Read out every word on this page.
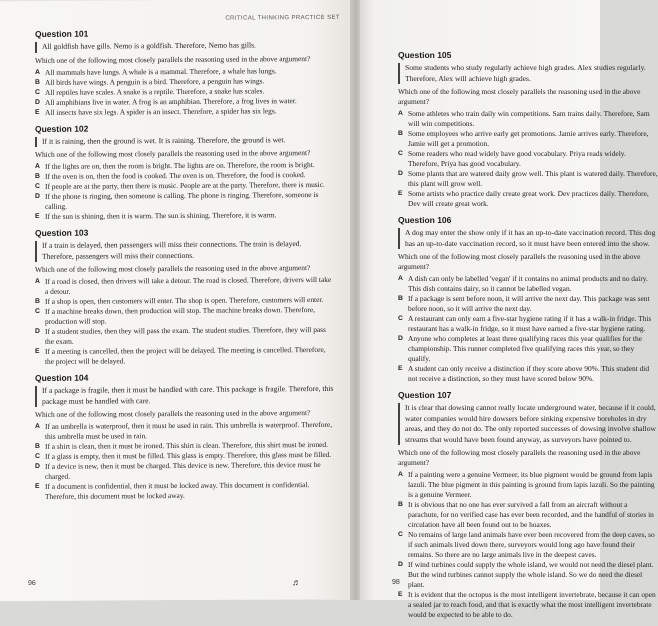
CRITICAL THINKING PRACTICE SET
Question 101
All goldfish have gills. Nemo is a goldfish. Therefore, Nemo has gills.
Which one of the following most closely parallels the reasoning used in the above argument?
A All mammals have lungs. A whale is a mammal. Therefore, a whale has lungs.
B All birds have wings. A penguin is a bird. Therefore, a penguin has wings.
C All reptiles have scales. A snake is a reptile. Therefore, a snake has scales.
D All amphibians live in water. A frog is an amphibian. Therefore, a frog lives in water.
E All insects have six legs. A spider is an insect. Therefore, a spider has six legs.
Question 102
If it is raining, then the ground is wet. It is raining. Therefore, the ground is wet.
Which one of the following most closely parallels the reasoning used in the above argument?
A If the lights are on, then the room is bright. The lights are on. Therefore, the room is bright.
B If the oven is on, then the food is cooked. The oven is on. Therefore, the food is cooked.
C If people are at the party, then there is music. People are at the party. Therefore, there is music.
D If the phone is ringing, then someone is calling. The phone is ringing. Therefore, someone is calling.
E If the sun is shining, then it is warm. The sun is shining. Therefore, it is warm.
Question 103
If a train is delayed, then passengers will miss their connections. The train is delayed. Therefore, passengers will miss their connections.
Which one of the following most closely parallels the reasoning used in the above argument?
A If a road is closed, then drivers will take a detour. The road is closed. Therefore, drivers will take a detour.
B If a shop is open, then customers will enter. The shop is open. Therefore, customers will enter.
C If a machine breaks down, then production will stop. The machine breaks down. Therefore, production will stop.
D If a student studies, then they will pass the exam. The student studies. Therefore, they will pass the exam.
E If a meeting is cancelled, then the project will be delayed. The meeting is cancelled. Therefore, the project will be delayed.
Question 104
If a package is fragile, then it must be handled with care. This package is fragile. Therefore, this package must be handled with care.
Which one of the following most closely parallels the reasoning used in the above argument?
A If an umbrella is waterproof, then it must be used in rain. This umbrella is waterproof. Therefore, this umbrella must be used in rain.
B If a shirt is clean, then it must be ironed. This shirt is clean. Therefore, this shirt must be ironed.
C If a glass is empty, then it must be filled. This glass is empty. Therefore, this glass must be filled.
D If a device is new, then it must be charged. This device is new. Therefore, this device must be charged.
E If a document is confidential, then it must be locked away. This document is confidential. Therefore, this document must be locked away.
96	♬
Question 105
Some students who study regularly achieve high grades. Alex studies regularly. Therefore, Alex will achieve high grades.
Which one of the following most closely parallels the reasoning used in the above argument?
A Some athletes who train daily win competitions. Sam trains daily. Therefore, Sam will win competitions.
B Some employees who arrive early get promotions. Jamie arrives early. Therefore, Jamie will get a promotion.
C Some readers who read widely have good vocabulary. Priya reads widely. Therefore, Priya has good vocabulary.
D Some plants that are watered daily grow well. This plant is watered daily. Therefore, this plant will grow well.
E Some artists who practice daily create great work. Dev practices daily. Therefore, Dev will create great work.
Question 106
A dog may enter the show only if it has an up-to-date vaccination record. This dog has an up-to-date vaccination record, so it must have been entered into the show.
Which one of the following most closely parallels the reasoning used in the above argument?
A A dish can only be labelled 'vegan' if it contains no animal products and no dairy. This dish contains dairy, so it cannot be labelled vegan.
B If a package is sent before noon, it will arrive the next day. This package was sent before noon, so it will arrive the next day.
C A restaurant can only earn a five-star hygiene rating if it has a walk-in fridge. This restaurant has a walk-in fridge, so it must have earned a five-star hygiene rating.
D Anyone who completes at least three qualifying races this year qualifies for the championship. This runner completed five qualifying races this year, so they qualify.
E A student can only receive a distinction if they score above 90%. This student did not receive a distinction, so they must have scored below 90%.
Question 107
It is clear that dowsing cannot really locate underground water, because if it could, water companies would hire dowsers before sinking expensive boreholes in dry areas, and they do not do. The only reported successes of dowsing involve shallow streams that would have been found anyway, as surveyors have pointed to.
Which one of the following most closely parallels the reasoning used in the above argument?
A If a painting were a genuine Vermeer, its blue pigment would be ground from lapis lazuli. The blue pigment in this painting is ground from lapis lazuli. So the painting is a genuine Vermeer.
B It is obvious that no one has ever survived a fall from an aircraft without a parachute, for no verified case has ever been recorded, and the handful of stories in circulation have all been found out to be hoaxes.
C No remains of large land animals have ever been recovered from the deep caves, so if such animals lived down there, surveyors would long ago have found their remains. So there are no large animals live in the deepest caves.
D If wind turbines could supply the whole island, we would not need the diesel plant. But the wind turbines cannot supply the whole island. So we do need the diesel plant.
E It is evident that the octopus is the most intelligent invertebrate, because it can open a sealed jar to reach food, and that is exactly what the most intelligent invertebrate would be expected to be able to do.
98
